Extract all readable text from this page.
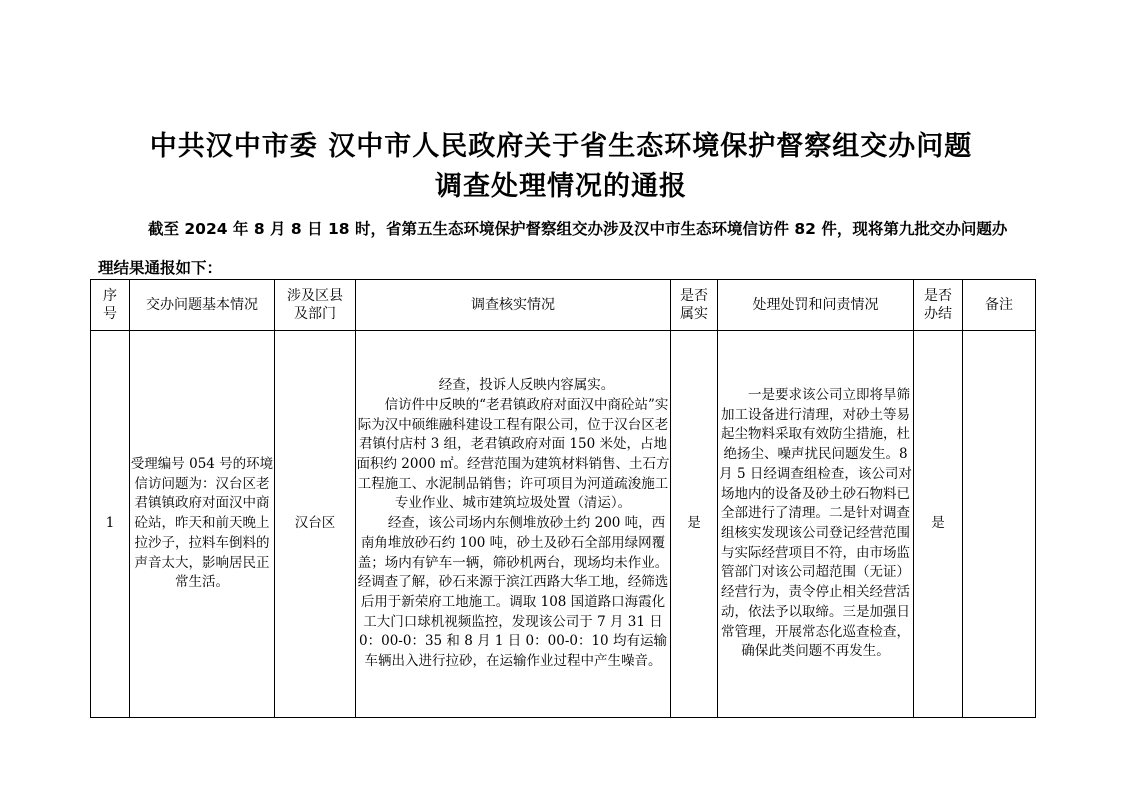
中共汉中市委 汉中市人民政府关于省生态环境保护督察组交办问题
调查处理情况的通报
截至 2024 年 8 月 8 日 18 时，省第五生态环境保护督察组交办涉及汉中市生态环境信访件 82 件，现将第九批交办问题办
理结果通报如下：
序号	交办问题基本情况	涉及区县及部门	调查核实情况	是否属实	处理处罚和问责情况	是否办结	备注
1	受理编号 054 号的环境信访问题为：汉台区老君镇镇政府对面汉中商砼站，昨天和前天晚上拉沙子，拉料车倒料的声音太大，影响居民正常生活。	汉台区	经查，投诉人反映内容属实。

信访件中反映的“老君镇政府对面汉中商砼站”实际为汉中硕维融科建设工程有限公司，位于汉台区老君镇付店村 3 组，老君镇政府对面 150 米处，占地面积约 2000 ㎡。经营范围为建筑材料销售、土石方工程施工、水泥制品销售；许可项目为河道疏浚施工专业作业、城市建筑垃圾处置（清运）。

经查，该公司场内东侧堆放砂土约 200 吨，西南角堆放砂石约 100 吨，砂土及砂石全部用绿网覆盖；场内有铲车一辆，筛砂机两台，现场均未作业。经调查了解，砂石来源于滨江西路大华工地，经筛选后用于新荣府工地施工。调取 108 国道路口海霞化工大门口球机视频监控，发现该公司于 7 月 31 日 0：00-0：35 和 8 月 1 日 0：00-0：10 均有运输车辆出入进行拉砂，在运输作业过程中产生噪音。	是	一是要求该公司立即将旱筛加工设备进行清理，对砂土等易起尘物料采取有效防尘措施，杜绝扬尘、噪声扰民问题发生。8 月 5 日经调查组检查，该公司对场地内的设备及砂土砂石物料已全部进行了清理。二是针对调查组核实发现该公司登记经营范围与实际经营项目不符，由市场监管部门对该公司超范围（无证）经营行为，责令停止相关经营活动，依法予以取缔。三是加强日常管理，开展常态化巡查检查，确保此类问题不再发生。	是	
